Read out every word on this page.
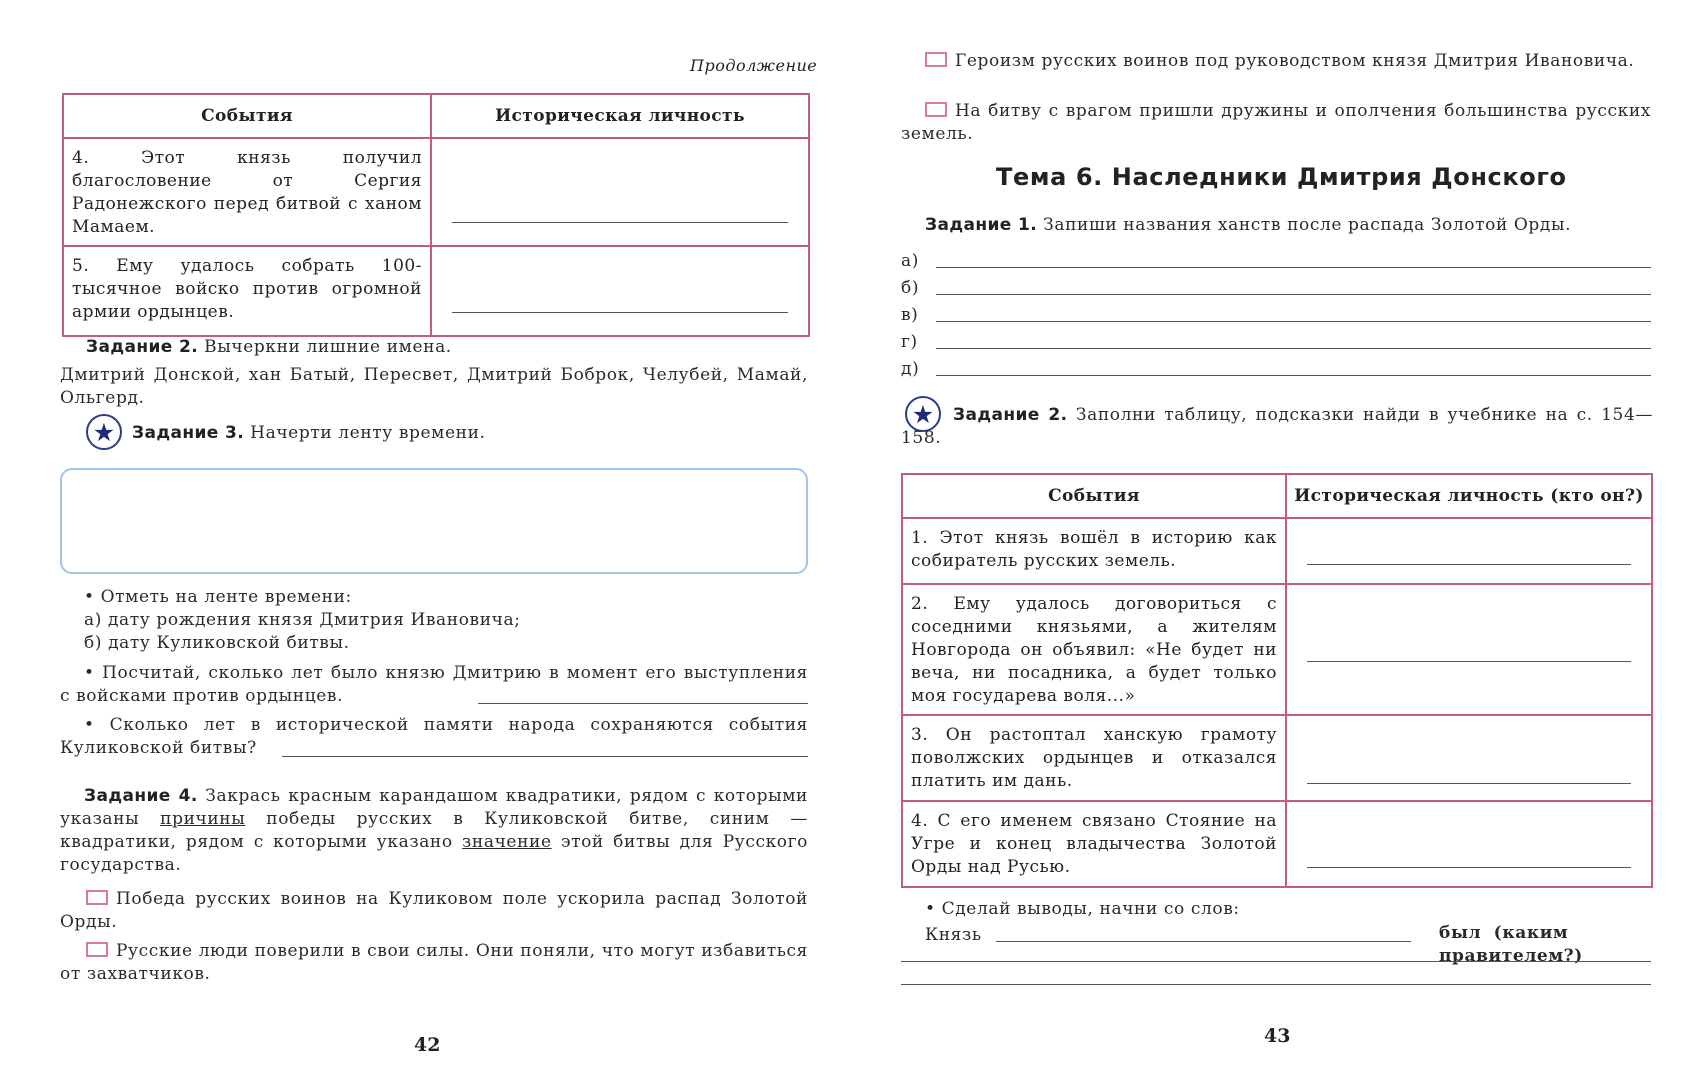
Продолжение
События	Историческая личность
4. Этот князь получил благословение от Сергия Радонежского перед битвой с ханом Мамаем.	

5. Ему удалось собрать 100-тысячное войско против огромной армии ордынцев.	
Задание 2. Вычеркни лишние имена.
Дмитрий Донской, хан Батый, Пересвет, Дмитрий Боброк, Челубей, Мамай, Ольгерд.
★ Задание 3. Начерти ленту времени.
• Отметь на ленте времени:
а) дату рождения князя Дмитрия Ивановича;
б) дату Куликовской битвы.
• Посчитай, сколько лет было князю Дмитрию в момент его выступления с войсками против ордынцев.
• Сколько лет в исторической памяти народа сохраняются события Куликовской битвы?
Задание 4. Закрась красным карандашом квадратики, рядом с которыми указаны причины победы русских в Куликовской битве, синим — квадратики, рядом с которыми указано значение этой битвы для Русского государства.
Победа русских воинов на Куликовом поле ускорила распад Золотой Орды.
Русские люди поверили в свои силы. Они поняли, что могут избавиться от захватчиков.
42
Героизм русских воинов под руководством князя Дмитрия Ивановича.
На битву с врагом пришли дружины и ополчения большинства русских земель.
Тема 6. Наследники Дмитрия Донского
Задание 1. Запиши названия ханств после распада Золотой Орды.
а)
б)
в)
г)
д)
★	Задание 2. Заполни таблицу, подсказки найди в учебнике на с. 154—158.
События	Историческая личность (кто он?)
1. Этот князь вошёл в историю как собиратель русских земель.	

2. Ему удалось договориться с соседними князьями, а жителям Новгорода он объявил: «Не будет ни веча, ни посадника, а будет только моя государева воля...»	

3. Он растоптал ханскую грамоту поволжских ордынцев и отказался платить им дань.	

4. С его именем связано Стояние на Угре и конец владычества Золотой Орды над Русью.	
• Сделай выводы, начни со слов:
Князь	был (каким правителем?)
43
